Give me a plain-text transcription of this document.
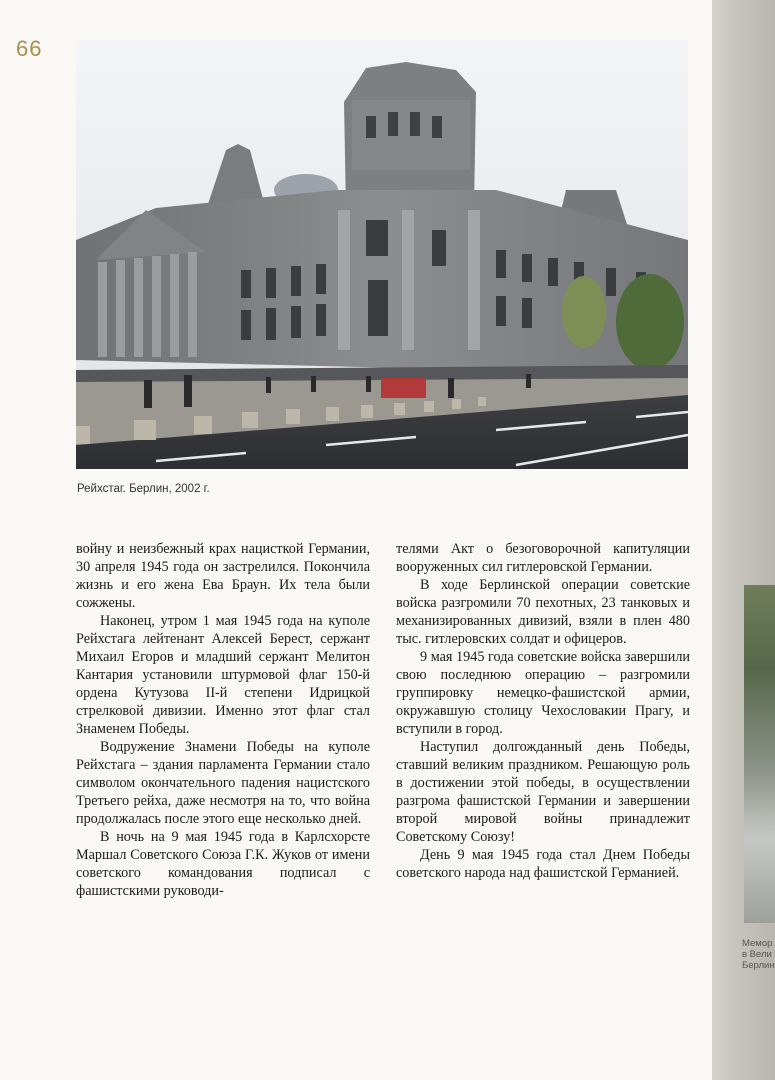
66
Рейхстаг. Берлин, 2002 г.

войну и неизбежный крах нацисткой Германии, 30 апреля 1945 года он застрелился. Покончила жизнь и его жена Ева Браун. Их тела были сожжены.

Наконец, утром 1 мая 1945 года на куполе Рейхстага лейтенант Алексей Берест, сержант Михаил Егоров и младший сержант Мелитон Кантария установили штурмовой флаг 150-й ордена Кутузова II-й степени Идрицкой стрелковой дивизии. Именно этот флаг стал Знаменем Победы.

Водружение Знамени Победы на куполе Рейхстага – здания парламента Германии стало символом окончательного падения нацистского Третьего рейха, даже несмотря на то, что война продолжалась после этого еще несколько дней.

В ночь на 9 мая 1945 года в Карлсхорсте Маршал Советского Союза Г.К. Жуков от имени советского командования подписал с фашистскими руководи-

телями Акт о безоговорочной капитуляции вооруженных сил гитлеровской Германии.

В ходе Берлинской операции советские войска разгромили 70 пехотных, 23 танковых и механизированных дивизий, взяли в плен 480 тыс. гитлеровских солдат и офицеров.

9 мая 1945 года советские войска завершили свою последнюю операцию – разгромили группировку немецко-фашистской армии, окружавшую столицу Чехословакии Прагу, и вступили в город.

Наступил долгожданный день Победы, ставший великим праздником. Решающую роль в достижении этой победы, в осуществлении разгрома фашистской Германии и завершении второй мировой войны принадлежит Советскому Союзу!

День 9 мая 1945 года стал Днем Победы советского народа над фашистской Германией.

Мемор
в Вели
Берлин
